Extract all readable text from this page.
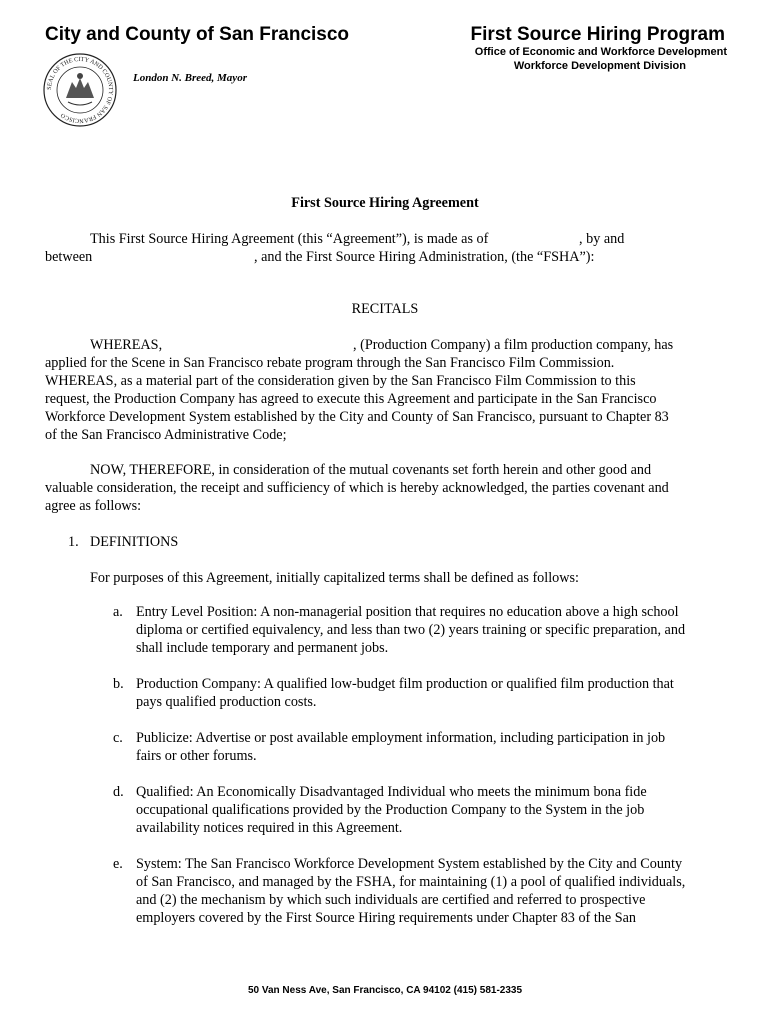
City and County of San Francisco	First Source Hiring Program
Office of Economic and Workforce Development
Workforce Development Division
SEAL OF THE CITY AND COUNTY OF SAN FRANCISCO
London N. Breed, Mayor
First Source Hiring Agreement
This First Source Hiring Agreement (this “Agreement”), is made as of	, by and
between	, and the First Source Hiring Administration, (the “FSHA”):
RECITALS
WHEREAS,	, (Production Company) a film production company, has
applied for the Scene in San Francisco rebate program through the San Francisco Film Commission.
WHEREAS, as a material part of the consideration given by the San Francisco Film Commission to this
request, the Production Company has agreed to execute this Agreement and participate in the San Francisco
Workforce Development System established by the City and County of San Francisco, pursuant to Chapter 83
of the San Francisco Administrative Code;
NOW, THEREFORE, in consideration of the mutual covenants set forth herein and other good and
valuable consideration, the receipt and sufficiency of which is hereby acknowledged, the parties covenant and
agree as follows:
1. DEFINITIONS
For purposes of this Agreement, initially capitalized terms shall be defined as follows:
a. Entry Level Position: A non-managerial position that requires no education above a high school
diploma or certified equivalency, and less than two (2) years training or specific preparation, and
shall include temporary and permanent jobs.
b. Production Company: A qualified low-budget film production or qualified film production that
pays qualified production costs.
c. Publicize: Advertise or post available employment information, including participation in job
fairs or other forums.
d. Qualified: An Economically Disadvantaged Individual who meets the minimum bona fide
occupational qualifications provided by the Production Company to the System in the job
availability notices required in this Agreement.
e. System: The San Francisco Workforce Development System established by the City and County
of San Francisco, and managed by the FSHA, for maintaining (1) a pool of qualified individuals,
and (2) the mechanism by which such individuals are certified and referred to prospective
employers covered by the First Source Hiring requirements under Chapter 83 of the San
50 Van Ness Ave, San Francisco, CA 94102 (415) 581-2335
